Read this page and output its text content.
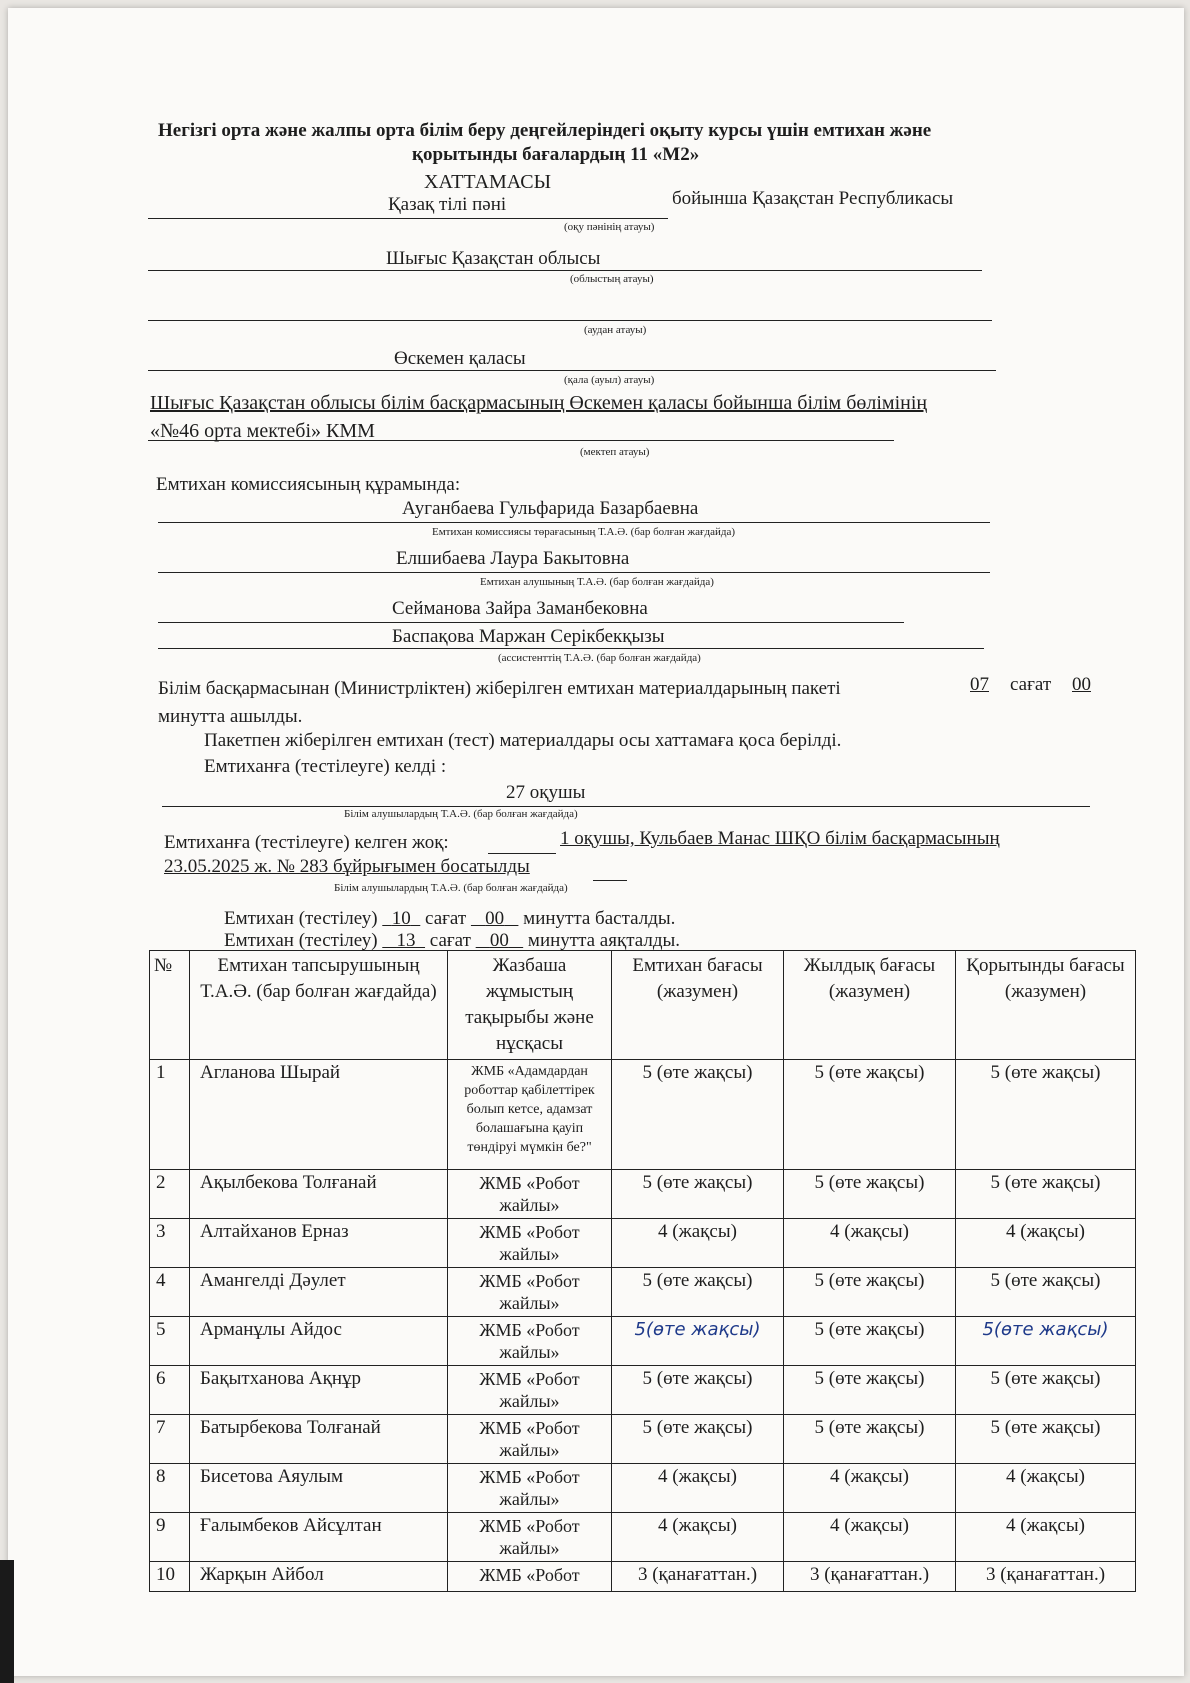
Негізгі орта және жалпы орта білім беру деңгейлеріндегі оқыту курсы үшін емтихан және
қорытынды бағалардың 11 «М2»
ХАТТАМАСЫ
Қазақ тілі пәні	бойынша Қазақстан Республикасы
(оқу пәнінің атауы)
Шығыс Қазақстан облысы
(облыстың атауы)
(аудан атауы)
Өскемен қаласы
(қала (ауыл) атауы)
Шығыс Қазақстан облысы білім басқармасының Өскемен қаласы бойынша білім бөлімінің
«№46 орта мектебі» КММ
(мектеп атауы)
Емтихан комиссиясының құрамында:
Ауганбаева Гульфарида Базарбаевна
Емтихан комиссиясы төрағасының Т.А.Ә. (бар болған жағдайда)
Елшибаева Лаура Бакытовна
Емтихан алушының Т.А.Ә. (бар болған жағдайда)
Сейманова Зайра Заманбековна
Баспақова Маржан Серікбекқызы
(ассистенттің Т.А.Ә. (бар болған жағдайда)
Білім басқармасынан (Министрліктен) жіберілген емтихан материалдарының пакеті	07 сағат 00
минутта ашылды.
Пакетпен жіберілген емтихан (тест) материалдары осы хаттамаға қоса берілді.
Емтиханға (тестілеуге) келді :
27 оқушы
Білім алушылардың Т.А.Ә. (бар болған жағдайда)
Емтиханға (тестілеуге) келген жоқ:	1 оқушы, Кульбаев Манас ШҚО білім басқармасының
23.05.2025 ж. № 283 бұйрығымен босатылды
Білім алушылардың Т.А.Ә. (бар болған жағдайда)
Емтихан (тестілеу) 10 сағат 00 минутта басталды.
Емтихан (тестілеу) 13 сағат 00 минутта аяқталды.
№	Емтихан тапсырушының Т.А.Ә. (бар болған жағдайда)	Жазбаша жұмыстың тақырыбы және нұсқасы	Емтихан бағасы (жазумен)	Жылдық бағасы (жазумен)	Қорытынды бағасы (жазумен)
1	Агланова Шырай	ЖМБ «Адамдардан роботтар қабілеттірек болып кетсе, адамзат болашағына қауіп төндіруі мүмкін бе?"	5 (өте жақсы)	5 (өте жақсы)	5 (өте жақсы)
2	Ақылбекова Толғанай	ЖМБ «Робот жайлы»	5 (өте жақсы)	5 (өте жақсы)	5 (өте жақсы)
3	Алтайханов Ерназ	ЖМБ «Робот жайлы»	4 (жақсы)	4 (жақсы)	4 (жақсы)
4	Амангелді Дәулет	ЖМБ «Робот жайлы»	5 (өте жақсы)	5 (өте жақсы)	5 (өте жақсы)
5	Арманұлы Айдос	ЖМБ «Робот жайлы»	5(өте жақсы)	5 (өте жақсы)	5(өте жақсы)
6	Бақытханова Ақнұр	ЖМБ «Робот жайлы»	5 (өте жақсы)	5 (өте жақсы)	5 (өте жақсы)
7	Батырбекова Толғанай	ЖМБ «Робот жайлы»	5 (өте жақсы)	5 (өте жақсы)	5 (өте жақсы)
8	Бисетова Аяулым	ЖМБ «Робот жайлы»	4 (жақсы)	4 (жақсы)	4 (жақсы)
9	Ғалымбеков Айсұлтан	ЖМБ «Робот жайлы»	4 (жақсы)	4 (жақсы)	4 (жақсы)
10	Жарқын Айбол	ЖМБ «Робот	3 (қанағаттан.)	3 (қанағаттан.)	3 (қанағаттан.)
